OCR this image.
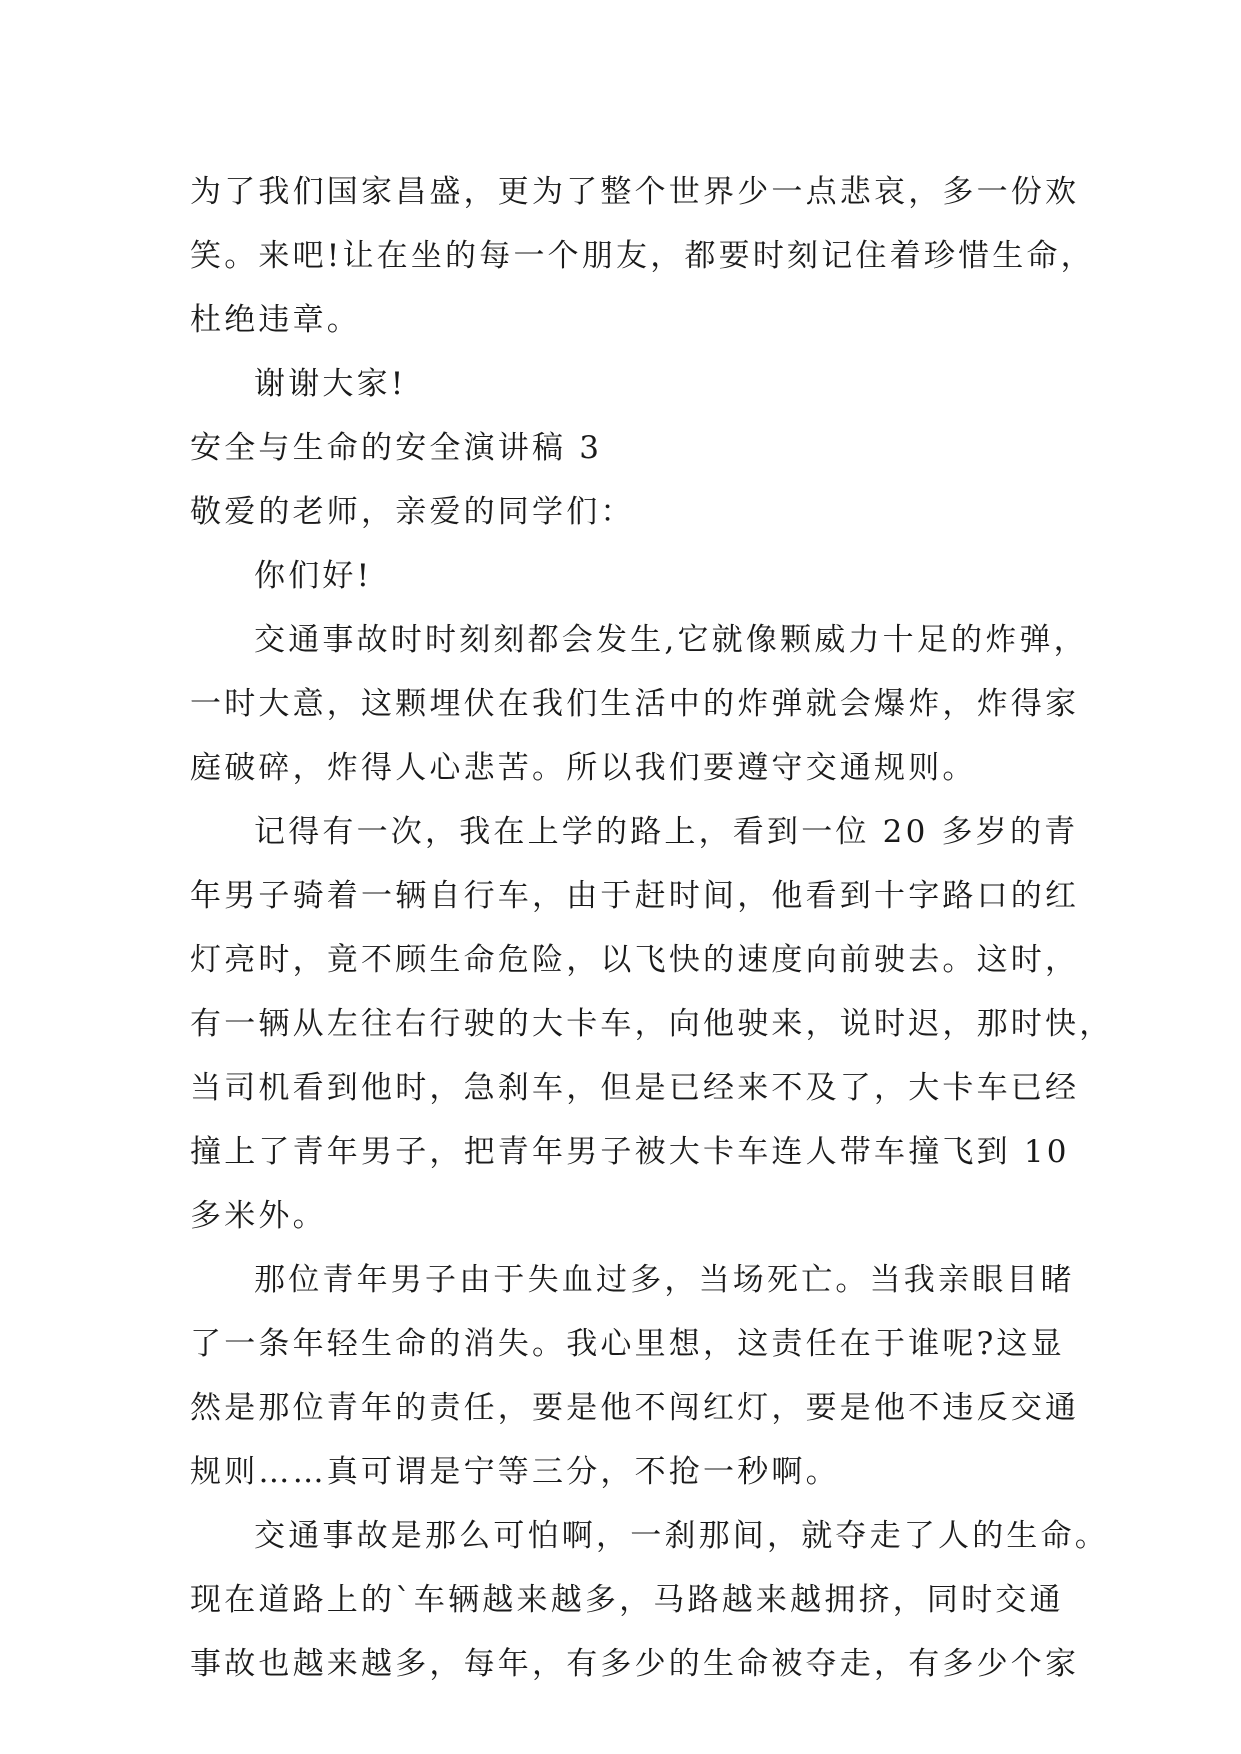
为了我们国家昌盛，更为了整个世界少一点悲哀，多一份欢
笑。来吧!让在坐的每一个朋友，都要时刻记住着珍惜生命，
杜绝违章。
谢谢大家!
安全与生命的安全演讲稿 3
敬爱的老师，亲爱的同学们：
你们好!
交通事故时时刻刻都会发生,它就像颗威力十足的炸弹，
一时大意，这颗埋伏在我们生活中的炸弹就会爆炸，炸得家
庭破碎，炸得人心悲苦。所以我们要遵守交通规则。
记得有一次，我在上学的路上，看到一位 20 多岁的青
年男子骑着一辆自行车，由于赶时间，他看到十字路口的红
灯亮时，竟不顾生命危险，以飞快的速度向前驶去。这时，
有一辆从左往右行驶的大卡车，向他驶来，说时迟，那时快，
当司机看到他时，急刹车，但是已经来不及了，大卡车已经
撞上了青年男子，把青年男子被大卡车连人带车撞飞到 10
多米外。
那位青年男子由于失血过多，当场死亡。当我亲眼目睹
了一条年轻生命的消失。我心里想，这责任在于谁呢?这显
然是那位青年的责任，要是他不闯红灯，要是他不违反交通
规则……真可谓是宁等三分，不抢一秒啊。
交通事故是那么可怕啊，一刹那间，就夺走了人的生命。
现在道路上的`车辆越来越多，马路越来越拥挤，同时交通
事故也越来越多，每年，有多少的生命被夺走，有多少个家
